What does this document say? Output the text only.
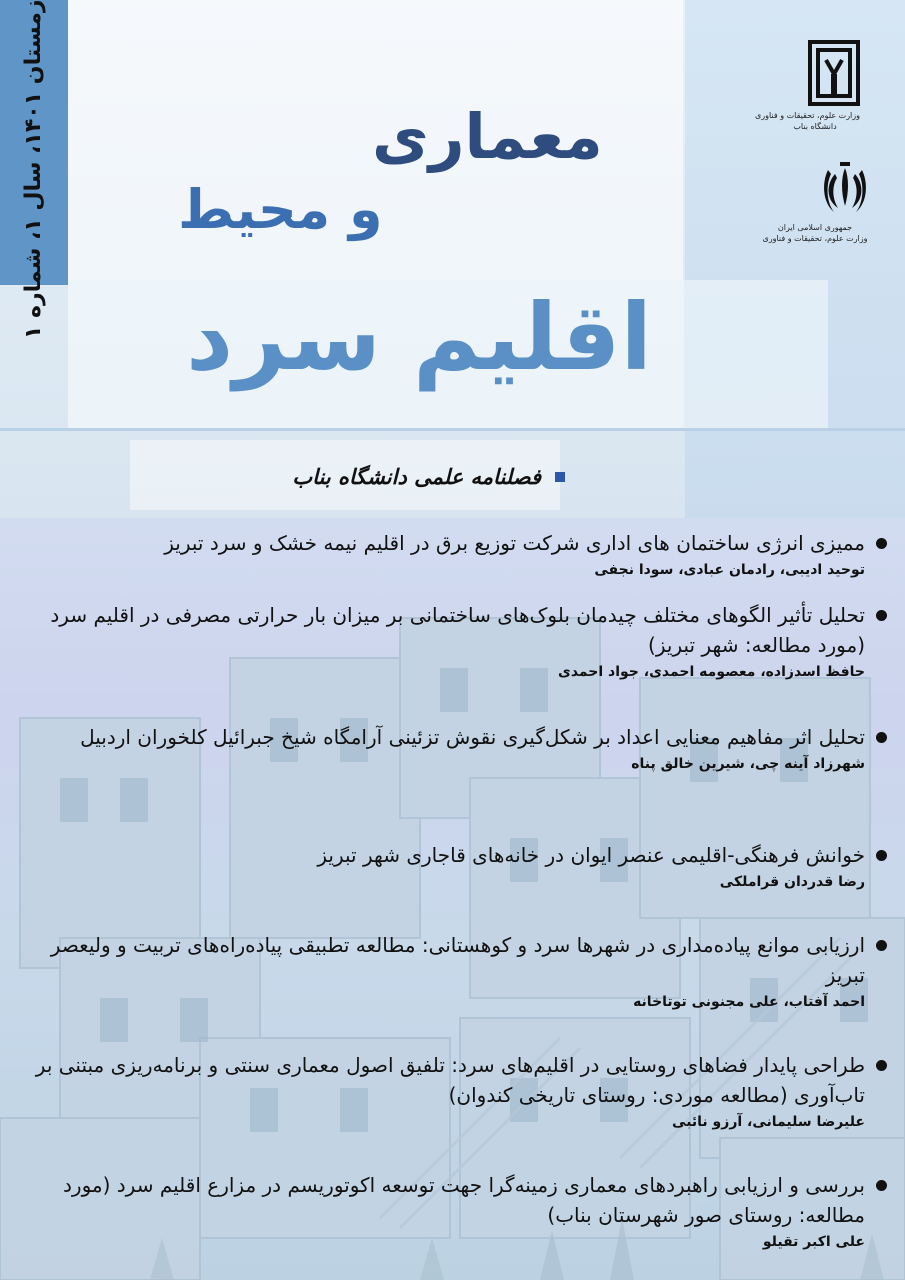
زمستان ۱۴۰۱، سال ۱، شماره ۱
معماری
و محیط
اقلیم سرد
وزارت علوم، تحقیقات و فناوری
دانشگاه بناب
جمهوری اسلامی ایران
وزارت علوم، تحقیقات و فناوری
فصلنامه علمی دانشگاه بناب
ممیزی انرژی ساختمان های اداری شرکت توزیع برق در اقلیم نیمه خشک و سرد تبریز
توحید ادیبی، رادمان عبادی، سودا نجفی
تحلیل تأثیر الگوهای مختلف چیدمان بلوک‌های ساختمانی بر میزان بار حرارتی مصرفی در اقلیم سرد (مورد مطالعه: شهر تبریز)
حافظ اسدزاده، معصومه احمدی، جواد احمدی
تحلیل اثر مفاهیم معنایی اعداد بر شکل‌گیری نقوش تزئینی آرامگاه شیخ جبرائیل کلخوران اردبیل
شهرزاد آینه چی، شیرین خالق پناه
خوانش فرهنگی-اقلیمی عنصر ایوان در خانه‌های قاجاری شهر تبریز
رضا قدردان قراملکی
ارزیابی موانع پیاده‌مداری در شهرها سرد و کوهستانی: مطالعه تطبیقی پیاده‌راه‌های تربیت و ولیعصر تبریز
احمد آفتاب، علی مجنونی توتاخانه
طراحی پایدار فضاهای روستایی در اقلیم‌های سرد: تلفیق اصول معماری سنتی و برنامه‌ریزی مبتنی بر تاب‌آوری (مطالعه موردی: روستای تاریخی کندوان)
علیرضا سلیمانی، آرزو نائبی
بررسی و ارزیابی راهبردهای معماری زمینه‌گرا جهت توسعه اکوتوریسم در مزارع اقلیم سرد (مورد مطالعه: روستای صور شهرستان بناب)
علی اکبر تقیلو
